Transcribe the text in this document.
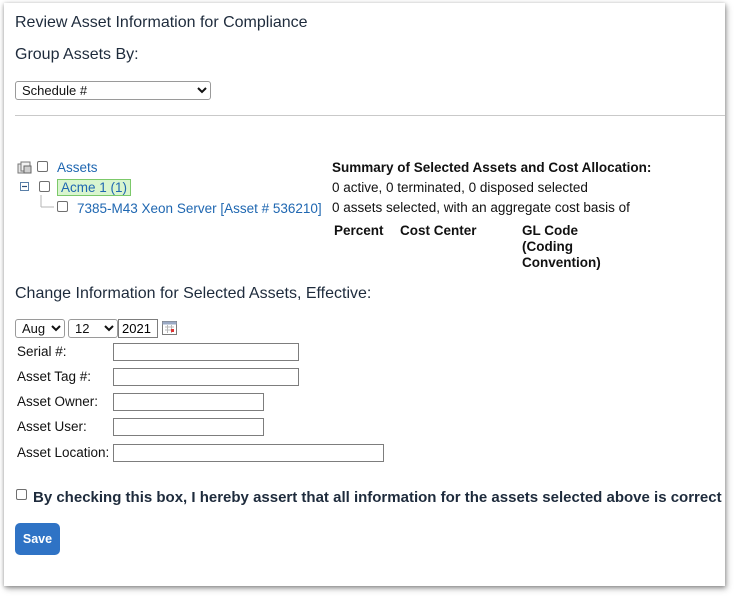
Review Asset Information for Compliance
Group Assets By:
Schedule #
Assets
Acme 1 (1)
7385-M43 Xeon Server [Asset # 536210]
Summary of Selected Assets and Cost Allocation:
0 active, 0 terminated, 0 disposed selected
0 assets selected, with an aggregate cost basis of
Percent Cost Center	GL Code (Coding Convention)
Change Information for Selected Assets, Effective:
Aug
12
2021
Serial #:
Asset Tag #:
Asset Owner:
Asset User:
Asset Location:
By checking this box, I hereby assert that all information for the assets selected above is correct
Save
